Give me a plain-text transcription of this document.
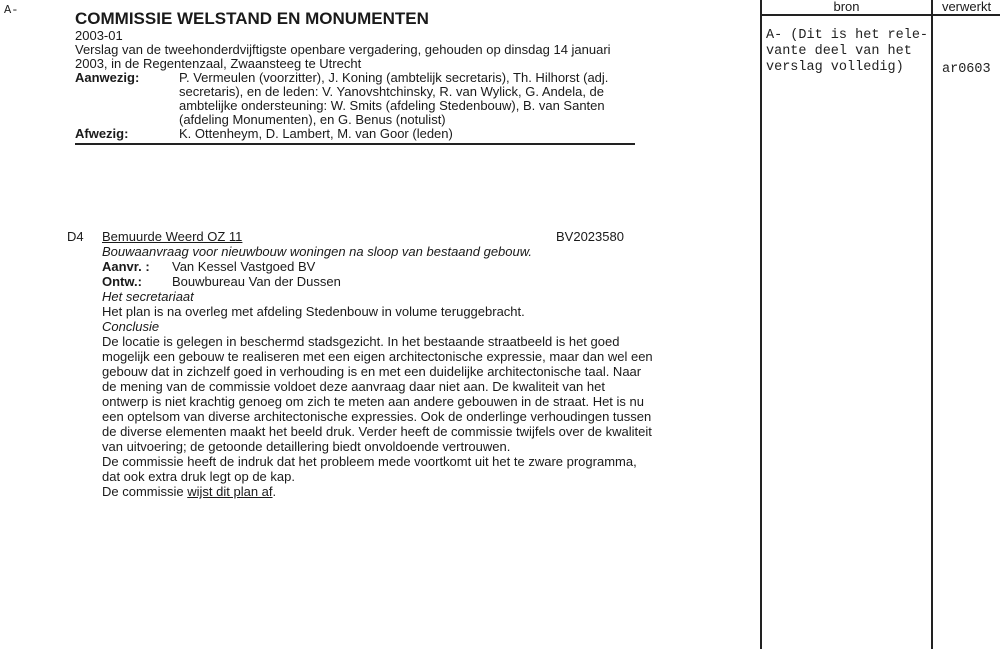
A-	COMMISSIE WELSTAND EN MONUMENTEN
2003-01
Verslag van de tweehonderdvijftigste openbare vergadering, gehouden op dinsdag 14 januari
2003, in de Regentenzaal, Zwaansteeg te Utrecht
Aanwezig:	P. Vermeulen (voorzitter), J. Koning (ambtelijk secretaris), Th. Hilhorst (adj.
secretaris), en de leden: V. Yanovshtchinsky, R. van Wylick, G. Andela, de
ambtelijke ondersteuning: W. Smits (afdeling Stedenbouw), B. van Santen
(afdeling Monumenten), en G. Benus (notulist)
Afwezig:	K. Ottenheym, D. Lambert, M. van Goor (leden)
D4 Bemuurde Weerd OZ 11	BV2023580
Bouwaanvraag voor nieuwbouw woningen na sloop van bestaand gebouw.
Aanvr. : Van Kessel Vastgoed BV
Ontw.: Bouwbureau Van der Dussen
Het secretariaat
Het plan is na overleg met afdeling Stedenbouw in volume teruggebracht.
Conclusie
De locatie is gelegen in beschermd stadsgezicht. In het bestaande straatbeeld is het goed
mogelijk een gebouw te realiseren met een eigen architectonische expressie, maar dan wel een
gebouw dat in zichzelf goed in verhouding is en met een duidelijke architectonische taal. Naar
de mening van de commissie voldoet deze aanvraag daar niet aan. De kwaliteit van het
ontwerp is niet krachtig genoeg om zich te meten aan andere gebouwen in de straat. Het is nu
een optelsom van diverse architectonische expressies. Ook de onderlinge verhoudingen tussen
de diverse elementen maakt het beeld druk. Verder heeft de commissie twijfels over de kwaliteit
van uitvoering; de getoonde detaillering biedt onvoldoende vertrouwen.
De commissie heeft de indruk dat het probleem mede voortkomt uit het te zware programma,
dat ook extra druk legt op de kap.
De commissie wijst dit plan af.
bron	verwerkt
A- (Dit is het rele-
vante deel van het
verslag volledig)	ar0603
